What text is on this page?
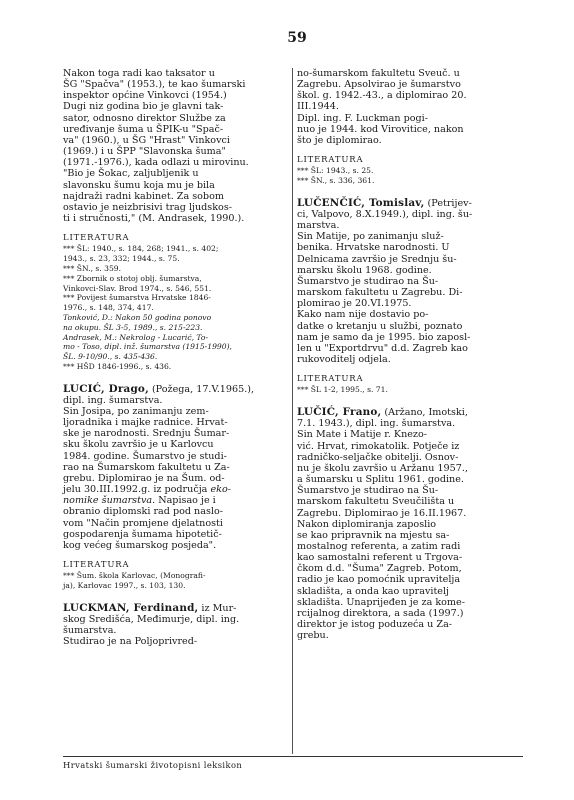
59

Nakon toga radi kao taksator u
ŠG "Spačva" (1953.), te kao šumarski
inspektor općine Vinkovci (1954.)
Dugi niz godina bio je glavni tak-
sator, odnosno direktor Službe za
uređivanje šuma u ŠPIK-u "Spač-
va" (1960.), u ŠG "Hrast" Vinkovci
(1969.) i u ŠPP "Slavonska šuma"
(1971.-1976.), kada odlazi u mirovinu.
"Bio je Šokac, zaljubljenik u
slavonsku šumu koja mu je bila
najdraži radni kabinet. Za sobom
ostavio je neizbrisivi trag ljudskos-
ti i stručnosti," (M. Andrasek, 1990.).

LITERATURA

*** ŠL: 1940., s. 184, 268; 1941., s. 402;
1943., s. 23, 332; 1944., s. 75.

*** ŠN., s. 359.

*** Zbornik o stotoj oblj. šumarstva,
Vinkovci-Slav. Brod 1974., s. 546, 551.

*** Povijest šumarstva Hrvatske 1846-
1976., s. 148, 374, 417.

Tonković, D.: Nakon 50 godina ponovo
na okupu. ŠL 3-5, 1989., s. 215-223.

Andrasek, M.: Nekrolog - Lucarić, To-
mo - Toso, dipl. inž. šumarstva (1915-1990),
ŠL. 9-10/90., s. 435-436.

*** HŠD 1846-1996., s. 436.

LUCIĆ, Drago, (Požega, 17.V.1965.),
dipl. ing. šumarstva.

Sin Josipa, po zanimanju zem-
ljoradnika i majke radnice. Hrvat-
ske je narodnosti. Srednju Šumar-
sku školu završio je u Karlovcu
1984. godine. Šumarstvo je studi-
rao na Šumarskom fakultetu u Za-
grebu. Diplomirao je na Šum. od-
jelu 30.III.1992.g. iz područja eko-
nomike šumarstva. Napisao je i
obranio diplomski rad pod naslo-
vom "Način promjene djelatnosti
gospodarenja šumama hipotetič-
kog većeg šumarskog posjeda".

LITERATURA

*** Šum. škola Karlovac, (Monografi-
ja), Karlovac 1997., s. 103, 130.

LUCKMAN, Ferdinand, iz Mur-
skog Središća, Međimurje, dipl. ing.
šumarstva.

Studirao je na Poljoprivred-

no-šumarskom fakultetu Sveuč. u
Zagrebu. Apsolvirao je šumarstvo
škol. g. 1942.-43., a diplomirao 20.
III.1944.

Dipl. ing. F. Luckman pogi-
nuo je 1944. kod Virovitice, nakon
što je diplomirao.

LITERATURA

*** ŠL: 1943., s. 25.

*** ŠN., s. 336, 361.

LUČENČIĆ, Tomislav, (Petrijev-
ci, Valpovo, 8.X.1949.), dipl. ing. šu-
marstva.

Sin Matije, po zanimanju služ-
benika. Hrvatske narodnosti. U
Delnicama završio je Srednju šu-
marsku školu 1968. godine.
Šumarstvo je studirao na Šu-
marskom fakultetu u Zagrebu. Di-
plomirao je 20.VI.1975.
Kako nam nije dostavio po-
datke o kretanju u službi, poznato
nam je samo da je 1995. bio zaposl-
len u "Exportdrvu" d.d. Zagreb kao
rukovoditelj odjela.

LITERATURA

*** ŠL 1-2, 1995., s. 71.

LUČIĆ, Frano, (Aržano, Imotski,
7.1. 1943.), dipl. ing. šumarstva.

Sin Mate i Matije r. Knezo-
vić. Hrvat, rimokatolik. Potječe iz
radničko-seljačke obitelji. Osnov-
nu je školu završio u Aržanu 1957.,
a šumarsku u Splitu 1961. godine.
Šumarstvo je studirao na Šu-
marskom fakultetu Sveučilišta u
Zagrebu. Diplomirao je 16.II.1967.
Nakon diplomiranja zaposlio
se kao pripravnik na mjestu sa-
mostalnog referenta, a zatim radi
kao samostalni referent u Trgova-
čkom d.d. "Šuma" Zagreb. Potom,
radio je kao pomoćnik upravitelja
skladišta, a onda kao upravitelj
skladišta. Unaprijeđen je za kome-
rcijalnog direktora, a sada (1997.)
direktor je istog poduzeća u Za-
grebu.

Hrvatski šumarski životopisni leksikon
